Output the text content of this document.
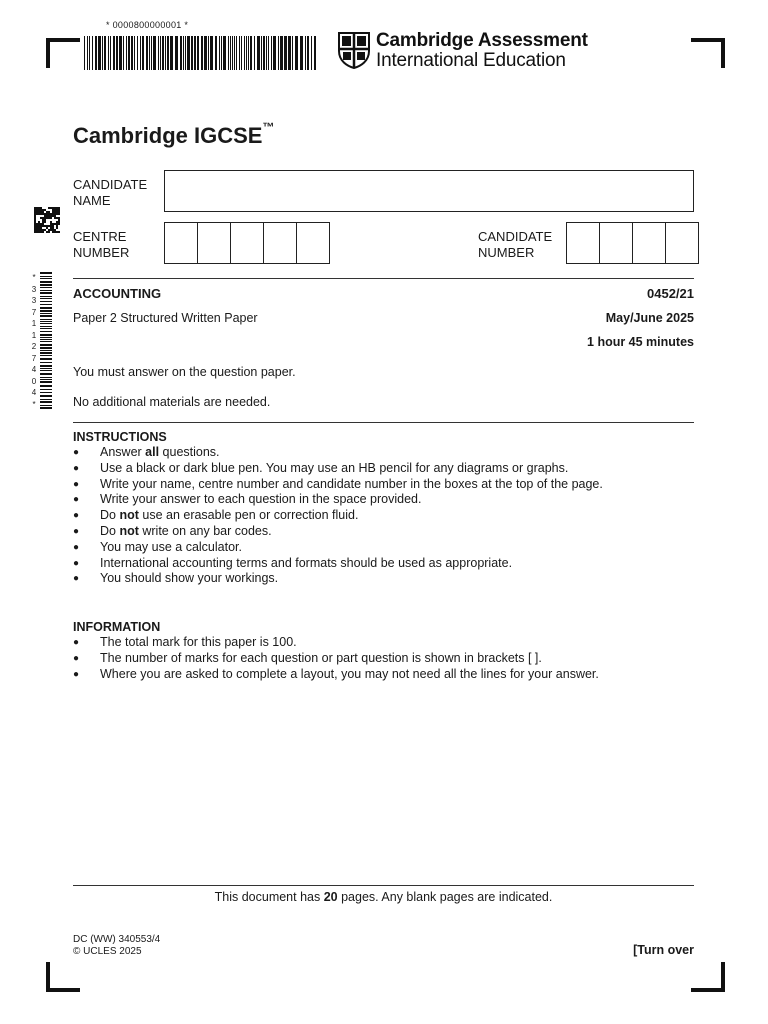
* 0000800000001 *
Cambridge Assessment
International Education
Cambridge IGCSE™
CANDIDATE
NAME
CENTRE
NUMBER
CANDIDATE
NUMBER
*
3
3
7
1
1
2
7
4
0
4
*
ACCOUNTING	0452/21
Paper 2 Structured Written Paper	May/June 2025
1 hour 45 minutes
You must answer on the question paper.
No additional materials are needed.
INSTRUCTIONS
● Answer all questions.
● Use a black or dark blue pen. You may use an HB pencil for any diagrams or graphs.
● Write your name, centre number and candidate number in the boxes at the top of the page.
● Write your answer to each question in the space provided.
● Do not use an erasable pen or correction fluid.
● Do not write on any bar codes.
● You may use a calculator.
● International accounting terms and formats should be used as appropriate.
● You should show your workings.
INFORMATION
● The total mark for this paper is 100.
● The number of marks for each question or part question is shown in brackets [ ].
● Where you are asked to complete a layout, you may not need all the lines for your answer.
This document has 20 pages. Any blank pages are indicated.
DC (WW) 340553/4
© UCLES 2025	[Turn over
